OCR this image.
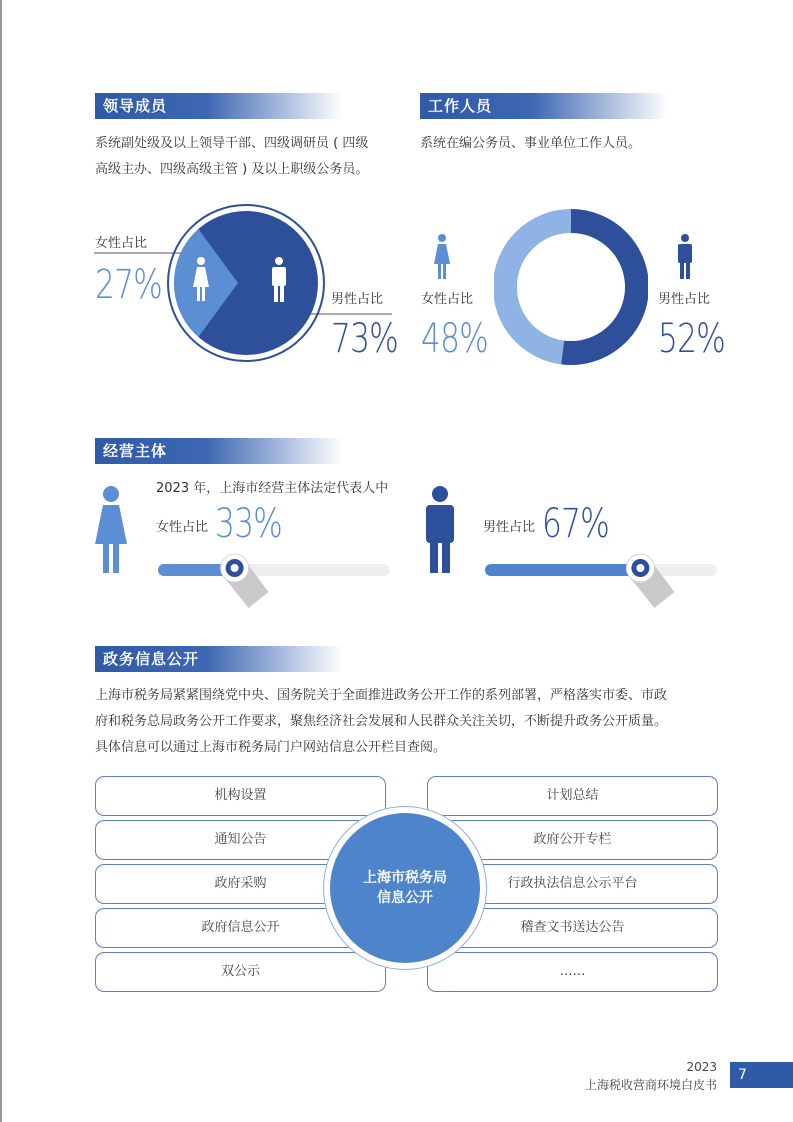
领导成员
系统副处级及以上领导干部、四级调研员 ( 四级
高级主办、四级高级主管 ) 及以上职级公务员。
女性占比
27%	男性占比
73%
工作人员
系统在编公务员、事业单位工作人员。
女性占比
48%
男性占比
52%
经营主体
2023 年，上海市经营主体法定代表人中
女性占比 33%	男性占比 67%
政务信息公开
上海市税务局紧紧围绕党中央、国务院关于全面推进政务公开工作的系列部署，严格落实市委、市政
府和税务总局政务公开工作要求，聚焦经济社会发展和人民群众关注关切，不断提升政务公开质量。
具体信息可以通过上海市税务局门户网站信息公开栏目查阅。
机构设置
通知公告
政府采购
政府信息公开
双公示
计划总结
政府公开专栏
行政执法信息公示平台
稽查文书送达公告
……
上海市税务局
信息公开
2023
上海税收营商环境白皮书
7
